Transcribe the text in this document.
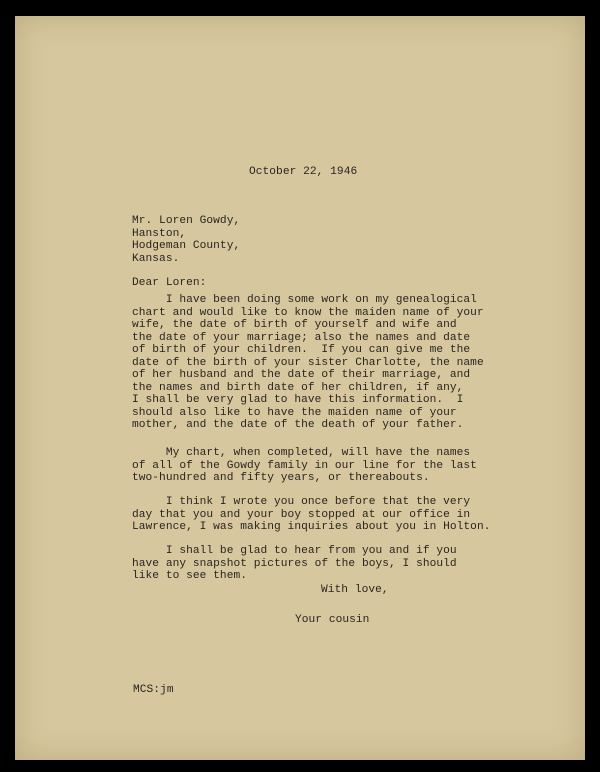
October 22, 1946

Mr. Loren Gowdy,
Hanston,
Hodgeman County,
Kansas.

Dear Loren:

I have been doing some work on my genealogical
chart and would like to know the maiden name of your
wife, the date of birth of yourself and wife and
the date of your marriage; also the names and date
of birth of your children.  If you can give me the
date of the birth of your sister Charlotte, the name
of her husband and the date of their marriage, and
the names and birth date of her children, if any,
I shall be very glad to have this information.  I
should also like to have the maiden name of your
mother, and the date of the death of your father.

My chart, when completed, will have the names
of all of the Gowdy family in our line for the last
two-hundred and fifty years, or thereabouts.

I think I wrote you once before that the very
day that you and your boy stopped at our office in
Lawrence, I was making inquiries about you in Holton.

I shall be glad to hear from you and if you
have any snapshot pictures of the boys, I should
like to see them.

With love,

Your cousin

MCS:jm
